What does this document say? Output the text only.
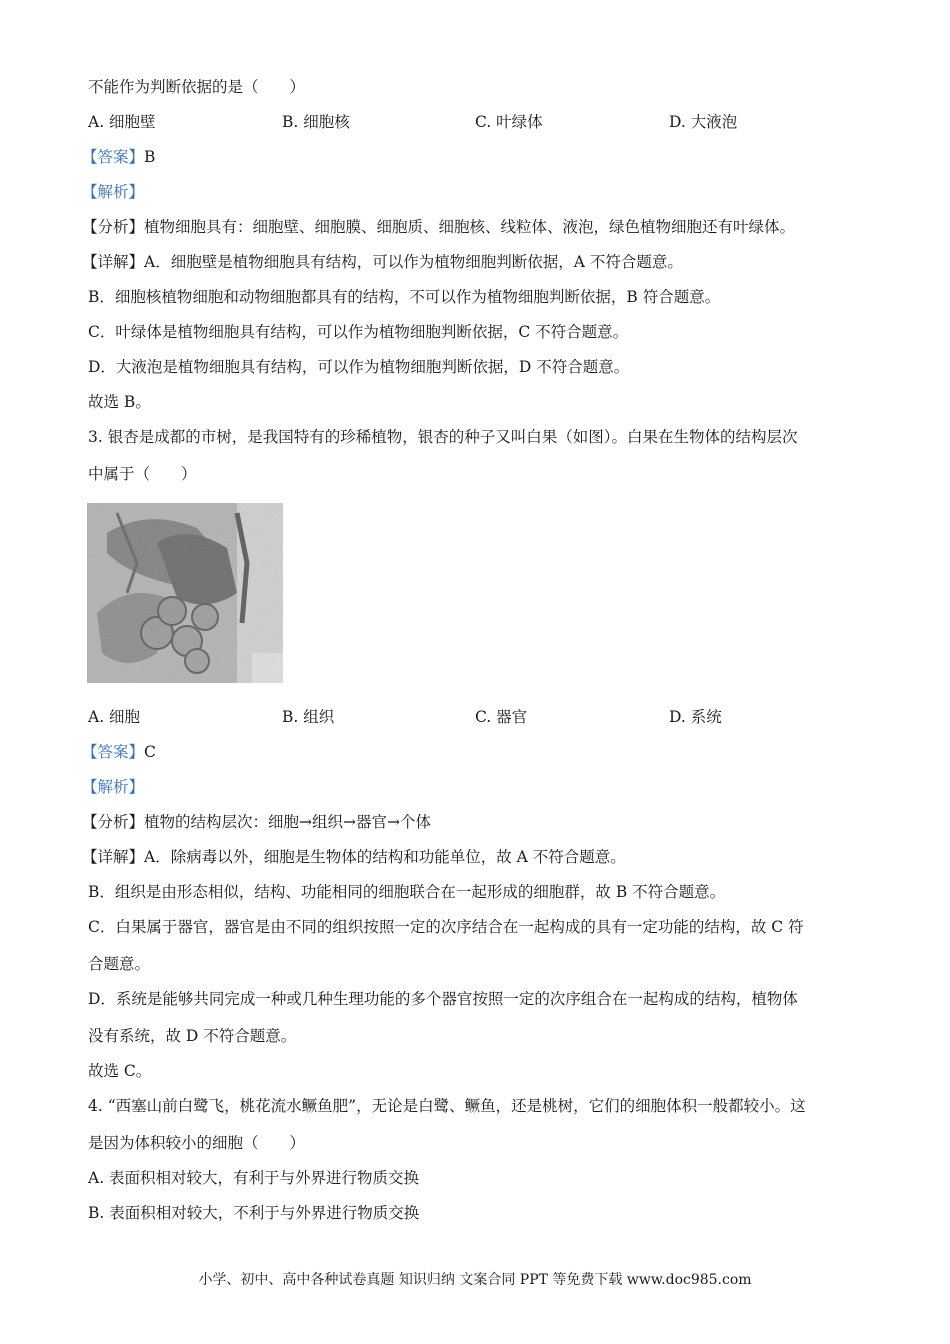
不能作为判断依据的是（　　）
A. 细胞壁	B. 细胞核	C. 叶绿体	D. 大液泡
【答案】B
【解析】
【分析】植物细胞具有：细胞壁、细胞膜、细胞质、细胞核、线粒体、液泡，绿色植物细胞还有叶绿体。
【详解】A．细胞壁是植物细胞具有结构，可以作为植物细胞判断依据，A 不符合题意。
B．细胞核植物细胞和动物细胞都具有的结构，不可以作为植物细胞判断依据，B 符合题意。
C．叶绿体是植物细胞具有结构，可以作为植物细胞判断依据，C 不符合题意。
D．大液泡是植物细胞具有结构，可以作为植物细胞判断依据，D 不符合题意。
故选 B。
3. 银杏是成都的市树，是我国特有的珍稀植物，银杏的种子又叫白果（如图）。白果在生物体的结构层次
中属于（　　）
A. 细胞	B. 组织	C. 器官	D. 系统
【答案】C
【解析】
【分析】植物的结构层次：细胞→组织→器官→个体
【详解】A．除病毒以外，细胞是生物体的结构和功能单位，故 A 不符合题意。
B．组织是由形态相似，结构、功能相同的细胞联合在一起形成的细胞群，故 B 不符合题意。
C．白果属于器官，器官是由不同的组织按照一定的次序结合在一起构成的具有一定功能的结构，故 C 符
合题意。
D．系统是能够共同完成一种或几种生理功能的多个器官按照一定的次序组合在一起构成的结构，植物体
没有系统，故 D 不符合题意。
故选 C。
4. “西塞山前白鹭飞，桃花流水鳜鱼肥”，无论是白鹭、鳜鱼，还是桃树，它们的细胞体积一般都较小。这
是因为体积较小的细胞（　　）
A. 表面积相对较大，有利于与外界进行物质交换
B. 表面积相对较大，不利于与外界进行物质交换
小学、初中、高中各种试卷真题 知识归纳 文案合同 PPT 等免费下载 www.doc985.com
